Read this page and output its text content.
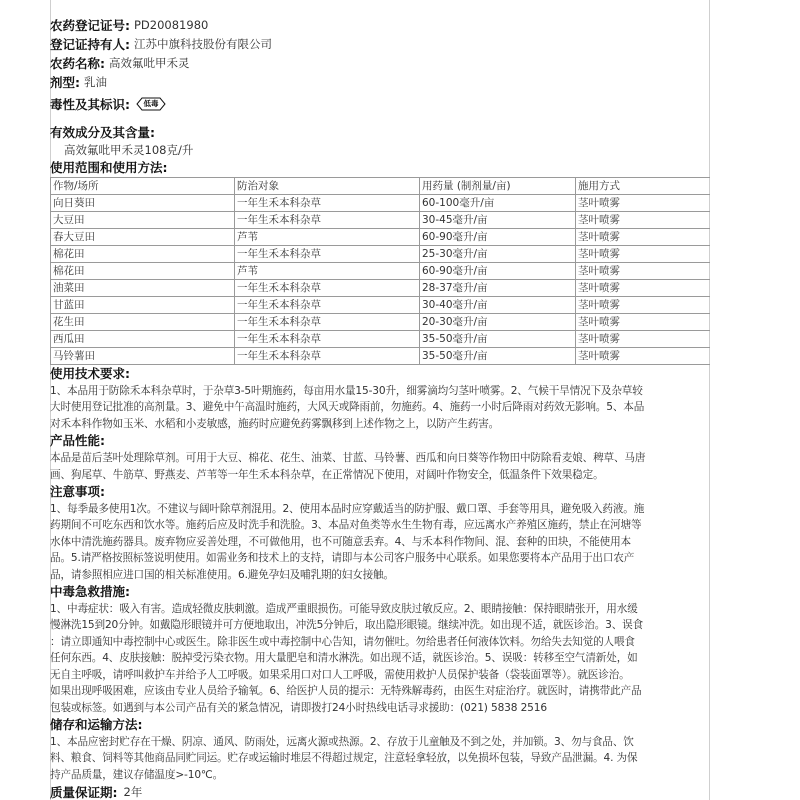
农药登记证号: PD20081980
登记证持有人: 江苏中旗科技股份有限公司
农药名称: 高效氟吡甲禾灵
剂型: 乳油
毒性及其标识:	低毒
有效成分及其含量:
高效氟吡甲禾灵108克/升
使用范围和使用方法:
作物/场所	防治对象	用药量 (制剂量/亩)	施用方式
向日葵田	一年生禾本科杂草	60-100毫升/亩	茎叶喷雾
大豆田	一年生禾本科杂草	30-45毫升/亩	茎叶喷雾
春大豆田	芦苇	60-90毫升/亩	茎叶喷雾
棉花田	一年生禾本科杂草	25-30毫升/亩	茎叶喷雾
棉花田	芦苇	60-90毫升/亩	茎叶喷雾
油菜田	一年生禾本科杂草	28-37毫升/亩	茎叶喷雾
甘蓝田	一年生禾本科杂草	30-40毫升/亩	茎叶喷雾
花生田	一年生禾本科杂草	20-30毫升/亩	茎叶喷雾
西瓜田	一年生禾本科杂草	35-50毫升/亩	茎叶喷雾
马铃薯田	一年生禾本科杂草	35-50毫升/亩	茎叶喷雾
使用技术要求:
1、本品用于防除禾本科杂草时，于杂草3-5叶期施药，每亩用水量15-30升，细雾滴均匀茎叶喷雾。2、气候干旱情况下及杂草较
大时使用登记批准的高剂量。3、避免中午高温时施药，大风天或降雨前，勿施药。4、施药一小时后降雨对药效无影响。5、本品
对禾本科作物如玉米、水稻和小麦敏感，施药时应避免药雾飘移到上述作物之上，以防产生药害。
产品性能:
本品是苗后茎叶处理除草剂。可用于大豆、棉花、花生、油菜、甘蓝、马铃薯、西瓜和向日葵等作物田中防除看麦娘、稗草、马唐
画、狗尾草、牛筋草、野燕麦、芦苇等一年生禾本科杂草，在正常情况下使用，对阔叶作物安全，低温条件下效果稳定。
注意事项:
1、每季最多使用1次。不建议与阔叶除草剂混用。2、使用本品时应穿戴适当的防护服、戴口罩、手套等用具，避免吸入药液。施
药期间不可吃东西和饮水等。施药后应及时洗手和洗脸。3、本品对鱼类等水生生物有毒，应远离水产养殖区施药，禁止在河塘等
水体中清洗施药器具。废弃物应妥善处理，不可做他用，也不可随意丢弃。4、与禾本科作物间、混、套种的田块，不能使用本
品。5.请严格按照标签说明使用。如需业务和技术上的支持，请即与本公司客户服务中心联系。如果您要将本产品用于出口农产
品，请参照相应进口国的相关标准使用。6.避免孕妇及哺乳期的妇女接触。
中毒急救措施:
1、中毒症状：吸入有害。造成轻微皮肤刺激。造成严重眼损伤。可能导致皮肤过敏反应。2、眼睛接触：保持眼睛张开，用水缓
慢淋洗15到20分钟。如戴隐形眼镜并可方便地取出，冲洗5分钟后，取出隐形眼镜。继续冲洗。如出现不适，就医诊治。3、误食
：请立即通知中毒控制中心或医生。除非医生或中毒控制中心告知，请勿催吐。勿给患者任何液体饮料。勿给失去知觉的人喂食
任何东西。4、皮肤接触：脱掉受污染衣物。用大量肥皂和清水淋洗。如出现不适，就医诊治。5、误吸：转移至空气清新处，如
无自主呼吸，请呼叫救护车并给予人工呼吸。如果采用口对口人工呼吸，需使用救护人员保护装备（袋装面罩等）。就医诊治。
如果出现呼吸困难，应该由专业人员给予输氧。6、给医护人员的提示：无特殊解毒药，由医生对症治疗。就医时，请携带此产品
包装或标签。如遇到与本公司产品有关的紧急情况，请即拨打24小时热线电话寻求援助：(021) 5838 2516
储存和运输方法:
1、本品应密封贮存在干燥、阴凉、通风、防雨处，远离火源或热源。2、存放于儿童触及不到之处，并加锁。3、勿与食品、饮
料、粮食、饲料等其他商品同贮同运。贮存或运输时堆层不得超过规定，注意轻拿轻放，以免损坏包装，导致产品泄漏。4. 为保
持产品质量，建议存储温度>-10℃。
质量保证期: 2年
